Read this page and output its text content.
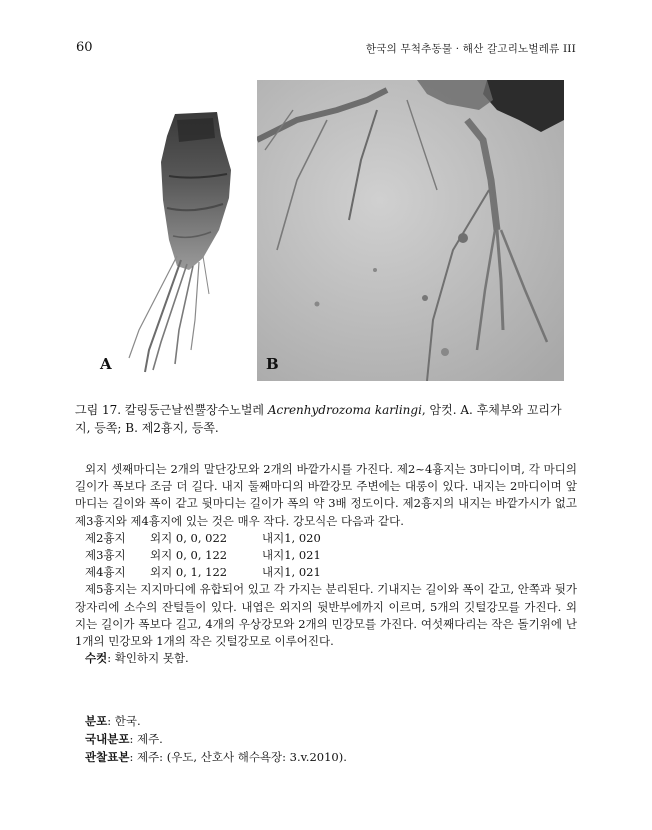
60	한국의 무척추동물 · 해산 갈고리노벌레류 III
A	B
그림 17. 칼링둥근날씬뿔장수노벌레 Acrenhydrozoma karlingi, 암컷. A. 후체부와 꼬리가지, 등쪽; B. 제2흉지, 등쪽.

외지 셋째마디는 2개의 말단강모와 2개의 바깥가시를 가진다. 제2~4흉지는 3마디이며, 각 마디의 길이가 폭보다 조금 더 길다. 내지 둘째마디의 바깥강모 주변에는 대롱이 있다. 내지는 2마디이며 앞마디는 길이와 폭이 같고 뒷마디는 길이가 폭의 약 3배 정도이다. 제2흉지의 내지는 바깥가시가 없고 제3흉지와 제4흉지에 있는 것은 매우 작다. 강모식은 다음과 같다.

제2흉지	외지 0, 0, 022	내지1, 020
제3흉지	외지 0, 0, 122	내지1, 021
제4흉지	외지 0, 1, 122	내지1, 021

제5흉지는 지지마디에 유합되어 있고 각 가지는 분리된다. 기내지는 길이와 폭이 같고, 안쪽과 뒷가장자리에 소수의 잔털들이 있다. 내엽은 외지의 뒷반부에까지 이르며, 5개의 깃털강모를 가진다. 외지는 길이가 폭보다 길고, 4개의 우상강모와 2개의 민강모를 가진다. 여섯째다리는 작은 돌기위에 난 1개의 민강모와 1개의 작은 깃털강모로 이루어진다.

수컷: 확인하지 못함.

분포: 한국.

국내분포: 제주.

관찰표본: 제주: (우도, 산호사 해수욕장: 3.v.2010).
